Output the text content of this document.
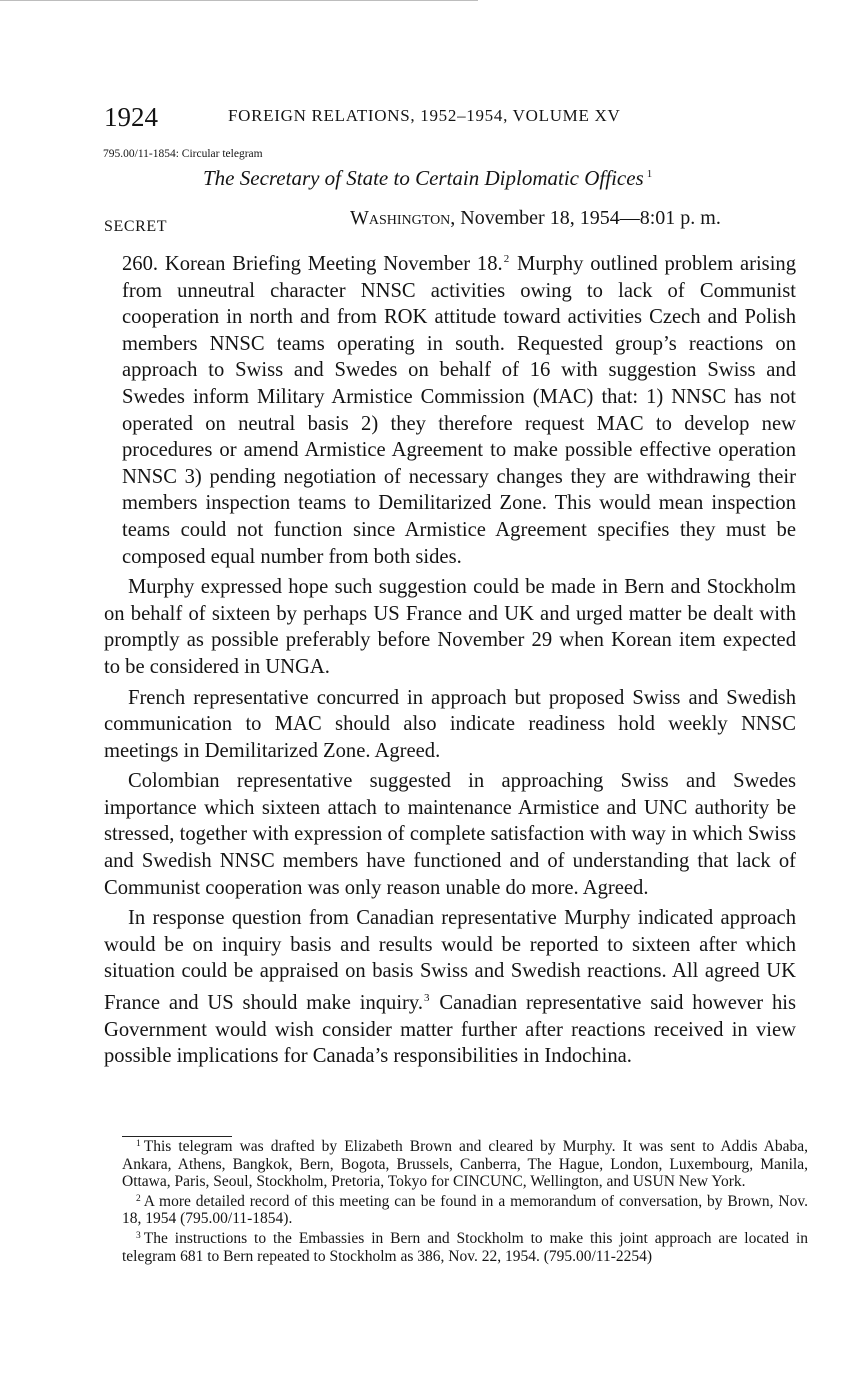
1924	FOREIGN RELATIONS, 1952–1954, VOLUME XV
795.00/11-1854: Circular telegram
The Secretary of State to Certain Diplomatic Offices $^1$
SECRET	Washington, November 18, 1954—8:01 p. m.

260. Korean Briefing Meeting November 18.$^2$ Murphy outlined problem arising from unneutral character NNSC activities owing to lack of Communist cooperation in north and from ROK attitude toward activities Czech and Polish members NNSC teams operating in south. Requested group’s reactions on approach to Swiss and Swedes on behalf of 16 with suggestion Swiss and Swedes inform Military Armistice Commission (MAC) that: 1) NNSC has not operated on neutral basis 2) they therefore request MAC to develop new procedures or amend Armistice Agreement to make possible effective operation NNSC 3) pending negotiation of necessary changes they are withdrawing their members inspection teams to Demilitarized Zone. This would mean inspection teams could not function since Armistice Agreement specifies they must be composed equal number from both sides.

Murphy expressed hope such suggestion could be made in Bern and Stockholm on behalf of sixteen by perhaps US France and UK and urged matter be dealt with promptly as possible preferably before November 29 when Korean item expected to be considered in UNGA.

French representative concurred in approach but proposed Swiss and Swedish communication to MAC should also indicate readiness hold weekly NNSC meetings in Demilitarized Zone. Agreed.

Colombian representative suggested in approaching Swiss and Swedes importance which sixteen attach to maintenance Armistice and UNC authority be stressed, together with expression of complete satisfaction with way in which Swiss and Swedish NNSC members have functioned and of understanding that lack of Communist cooperation was only reason unable do more. Agreed.

In response question from Canadian representative Murphy indicated approach would be on inquiry basis and results would be reported to sixteen after which situation could be appraised on basis Swiss and Swedish reactions. All agreed UK France and US should make inquiry.$^3$ Canadian representative said however his Government would wish consider matter further after reactions received in view possible implications for Canada’s responsibilities in Indochina.

$^1$ This telegram was drafted by Elizabeth Brown and cleared by Murphy. It was sent to Addis Ababa, Ankara, Athens, Bangkok, Bern, Bogota, Brussels, Canberra, The Hague, London, Luxembourg, Manila, Ottawa, Paris, Seoul, Stockholm, Pretoria, Tokyo for CINCUNC, Wellington, and USUN New York.

$^2$ A more detailed record of this meeting can be found in a memorandum of conversation, by Brown, Nov. 18, 1954 (795.00/11-1854).

$^3$ The instructions to the Embassies in Bern and Stockholm to make this joint approach are located in telegram 681 to Bern repeated to Stockholm as 386, Nov. 22, 1954. (795.00/11-2254)
